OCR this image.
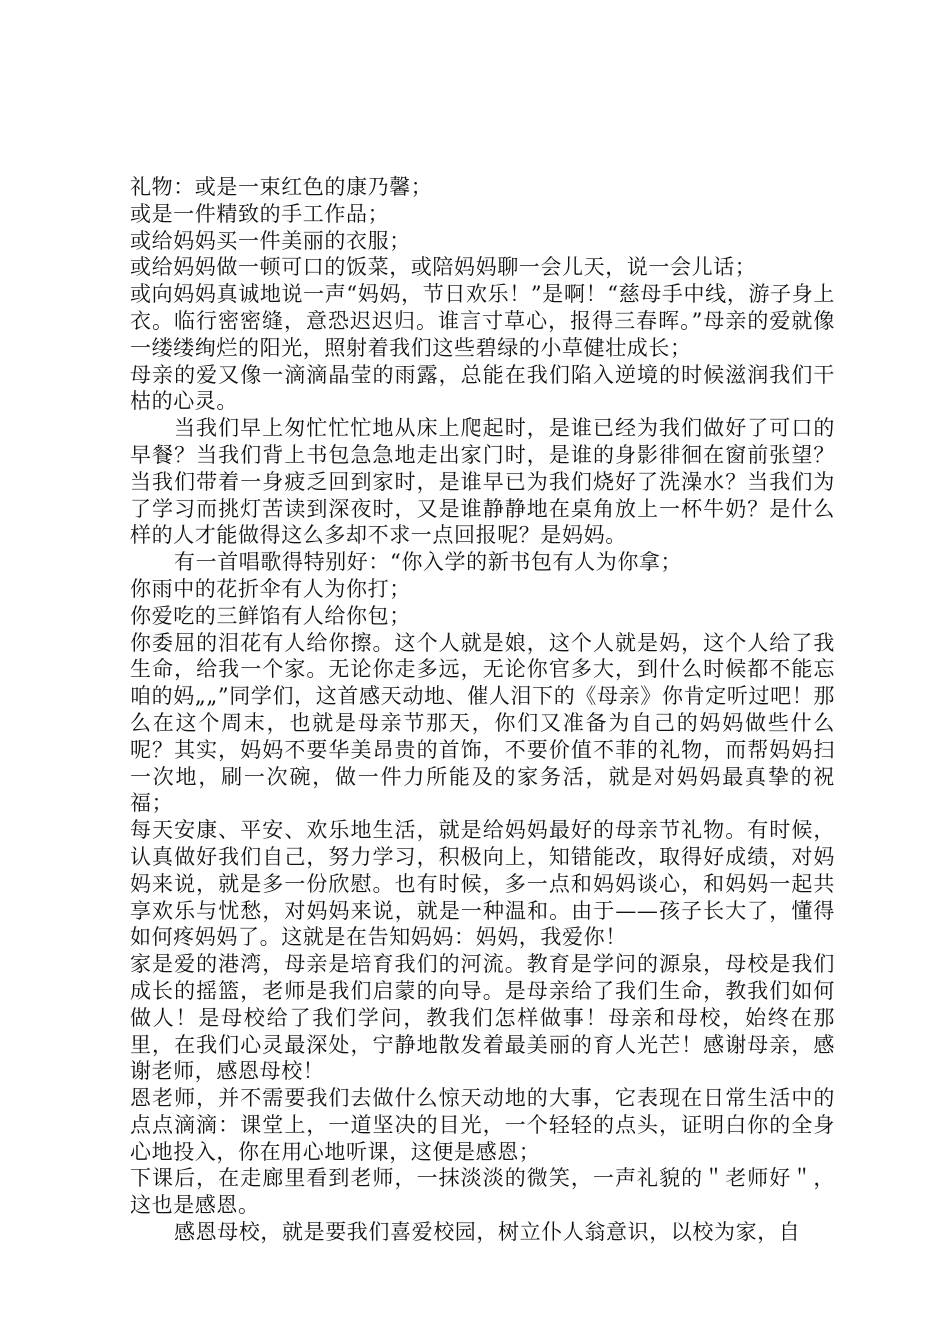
礼物：或是一束红色的康乃馨；

或是一件精致的手工作品；

或给妈妈买一件美丽的衣服；

或给妈妈做一顿可口的饭菜，或陪妈妈聊一会儿天，说一会儿话；

或向妈妈真诚地说一声“妈妈，节日欢乐！”是啊！“慈母手中线，游子身上衣。临行密密缝，意恐迟迟归。谁言寸草心，报得三春晖。”母亲的爱就像一缕缕绚烂的阳光，照射着我们这些碧绿的小草健壮成长；

母亲的爱又像一滴滴晶莹的雨露，总能在我们陷入逆境的时候滋润我们干枯的心灵。

当我们早上匆忙忙忙地从床上爬起时，是谁已经为我们做好了可口的早餐？当我们背上书包急急地走出家门时，是谁的身影徘徊在窗前张望？当我们带着一身疲乏回到家时，是谁早已为我们烧好了洗澡水？当我们为了学习而挑灯苦读到深夜时，又是谁静静地在桌角放上一杯牛奶？是什么样的人才能做得这么多却不求一点回报呢？是妈妈。

有一首唱歌得特别好：“你入学的新书包有人为你拿；

你雨中的花折伞有人为你打；

你爱吃的三鲜馅有人给你包；

你委屈的泪花有人给你擦。这个人就是娘，这个人就是妈，这个人给了我生命，给我一个家。无论你走多远，无论你官多大，到什么时候都不能忘咱的妈„„”同学们，这首感天动地、催人泪下的《母亲》你肯定听过吧！那么在这个周末，也就是母亲节那天，你们又准备为自己的妈妈做些什么呢？其实，妈妈不要华美昂贵的首饰，不要价值不菲的礼物，而帮妈妈扫一次地，刷一次碗，做一件力所能及的家务活，就是对妈妈最真挚的祝福；

每天安康、平安、欢乐地生活，就是给妈妈最好的母亲节礼物。有时候，认真做好我们自己，努力学习，积极向上，知错能改，取得好成绩，对妈妈来说，就是多一份欣慰。也有时候，多一点和妈妈谈心，和妈妈一起共享欢乐与忧愁，对妈妈来说，就是一种温和。由于——孩子长大了，懂得如何疼妈妈了。这就是在告知妈妈：妈妈，我爱你！

家是爱的港湾，母亲是培育我们的河流。教育是学问的源泉，母校是我们成长的摇篮，老师是我们启蒙的向导。是母亲给了我们生命，教我们如何做人！是母校给了我们学问，教我们怎样做事！母亲和母校，始终在那里，在我们心灵最深处，宁静地散发着最美丽的育人光芒！感谢母亲，感谢老师，感恩母校！

恩老师，并不需要我们去做什么惊天动地的大事，它表现在日常生活中的点点滴滴：课堂上，一道坚决的目光，一个轻轻的点头，证明白你的全身心地投入，你在用心地听课，这便是感恩；

下课后，在走廊里看到老师，一抹淡淡的微笑，一声礼貌的＂老师好＂，这也是感恩。

感恩母校，就是要我们喜爱校园，树立仆人翁意识，以校为家，自
